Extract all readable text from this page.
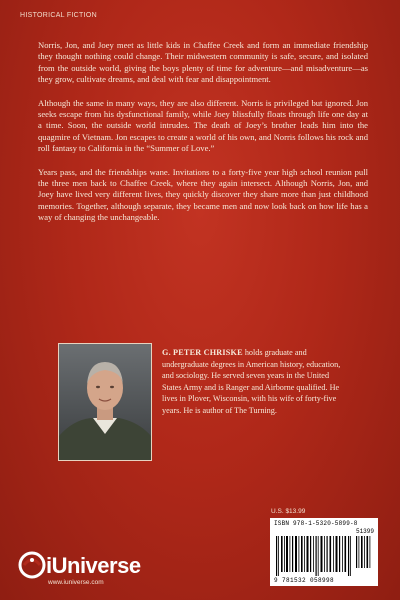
HISTORICAL FICTION

Norris, Jon, and Joey meet as little kids in Chaffee Creek and form an immediate friendship they thought nothing could change. Their midwestern community is safe, secure, and isolated from the outside world, giving the boys plenty of time for adventure—and misadventure—as they grow, cultivate dreams, and deal with fear and disappointment.

Although the same in many ways, they are also different. Norris is privileged but ignored. Jon seeks escape from his dysfunctional family, while Joey blissfully floats through life one day at a time. Soon, the outside world intrudes. The death of Joey’s brother leads him into the quagmire of Vietnam. Jon escapes to create a world of his own, and Norris follows his rock and roll fantasy to California in the “Summer of Love.”

Years pass, and the friendships wane. Invitations to a forty-five year high school reunion pull the three men back to Chaffee Creek, where they again intersect. Although Norris, Jon, and Joey have lived very different lives, they quickly discover they share more than just childhood memories. Together, although separate, they became men and now look back on how life has a way of changing the unchangeable.

G. PETER CHRISKE holds graduate and undergraduate degrees in American history, education, and sociology. He served seven years in the United States Army and is Ranger and Airborne qualified. He lives in Plover, Wisconsin, with his wife of forty-five years. He is author of The Turning.
U.S. $13.99
ISBN 978-1-5320-5899-8
51399
9 781532 058998
iUniverse
www.iuniverse.com
